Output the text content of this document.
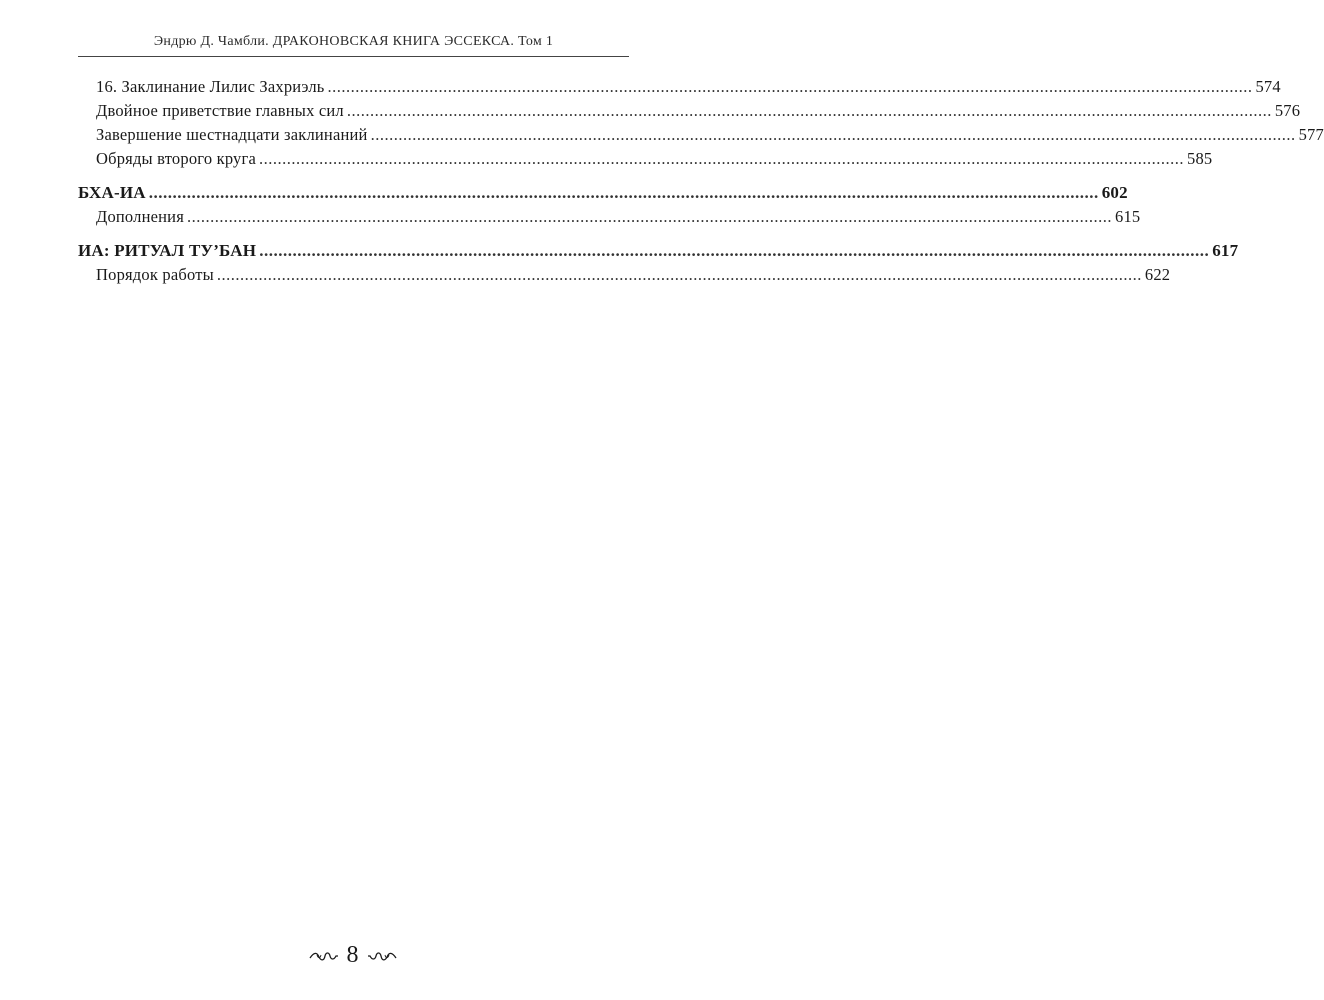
Эндрю Д. Чамбли. ДРАКОНОВСКАЯ КНИГА ЭССЕКСА. Том 1
16. Заклинание Лилис Захриэль ........................................................................................................................................................................................................ 574
Двойное приветствие главных сил ........................................................................................................................................................................................................ 576
Завершение шестнадцати заклинаний ........................................................................................................................................................................................................ 577
Обряды второго круга ........................................................................................................................................................................................................ 585
БХА-ИА ........................................................................................................................................................................................................ 602
Дополнения ........................................................................................................................................................................................................ 615
ИА: РИТУАЛ ТУ’БАН ........................................................................................................................................................................................................ 617
Порядок работы ........................................................................................................................................................................................................ 622
8
